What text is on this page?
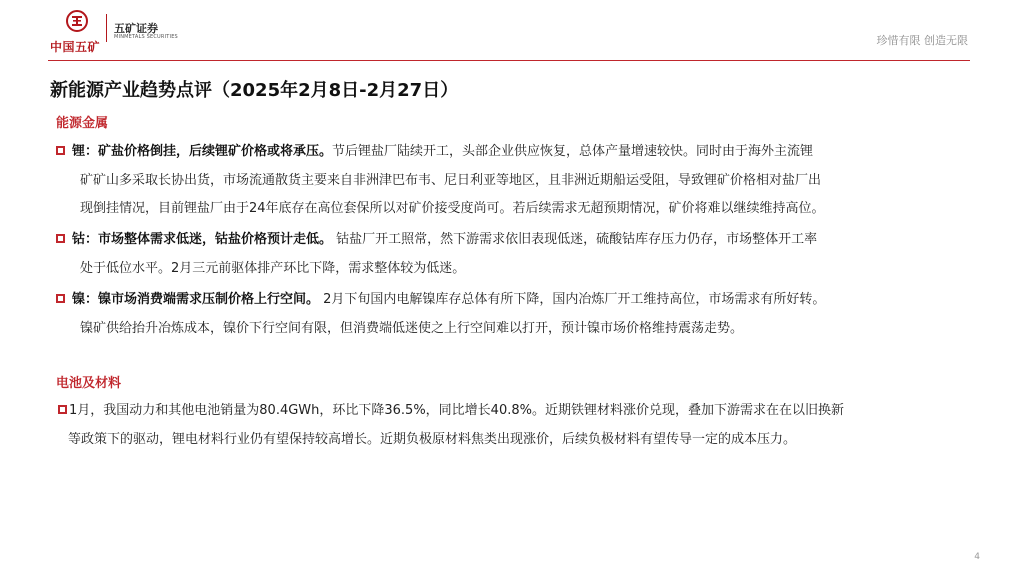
中国五矿
五矿证券
MINMETALS SECURITIES	珍惜有限 创造无限
新能源产业趋势点评（2025年2月8日-2月27日）
能源金属
锂：矿盐价格倒挂，后续锂矿价格或将承压。节后锂盐厂陆续开工，头部企业供应恢复，总体产量增速较快。同时由于海外主流锂
矿矿山多采取长协出货，市场流通散货主要来自非洲津巴布韦、尼日利亚等地区，且非洲近期船运受阻，导致锂矿价格相对盐厂出
现倒挂情况，目前锂盐厂由于24年底存在高位套保所以对矿价接受度尚可。若后续需求无超预期情况，矿价将难以继续维持高位。
钴：市场整体需求低迷，钴盐价格预计走低。 钴盐厂开工照常，然下游需求依旧表现低迷，硫酸钴库存压力仍存，市场整体开工率
处于低位水平。2月三元前驱体排产环比下降，需求整体较为低迷。
镍：镍市场消费端需求压制价格上行空间。 2月下旬国内电解镍库存总体有所下降，国内冶炼厂开工维持高位，市场需求有所好转。
镍矿供给抬升冶炼成本，镍价下行空间有限，但消费端低迷使之上行空间难以打开，预计镍市场价格维持震荡走势。
电池及材料
1月，我国动力和其他电池销量为80.4GWh，环比下降36.5%，同比增长40.8%。近期铁锂材料涨价兑现，叠加下游需求在在以旧换新
等政策下的驱动，锂电材料行业仍有望保持较高增长。近期负极原材料焦类出现涨价，后续负极材料有望传导一定的成本压力。
4
